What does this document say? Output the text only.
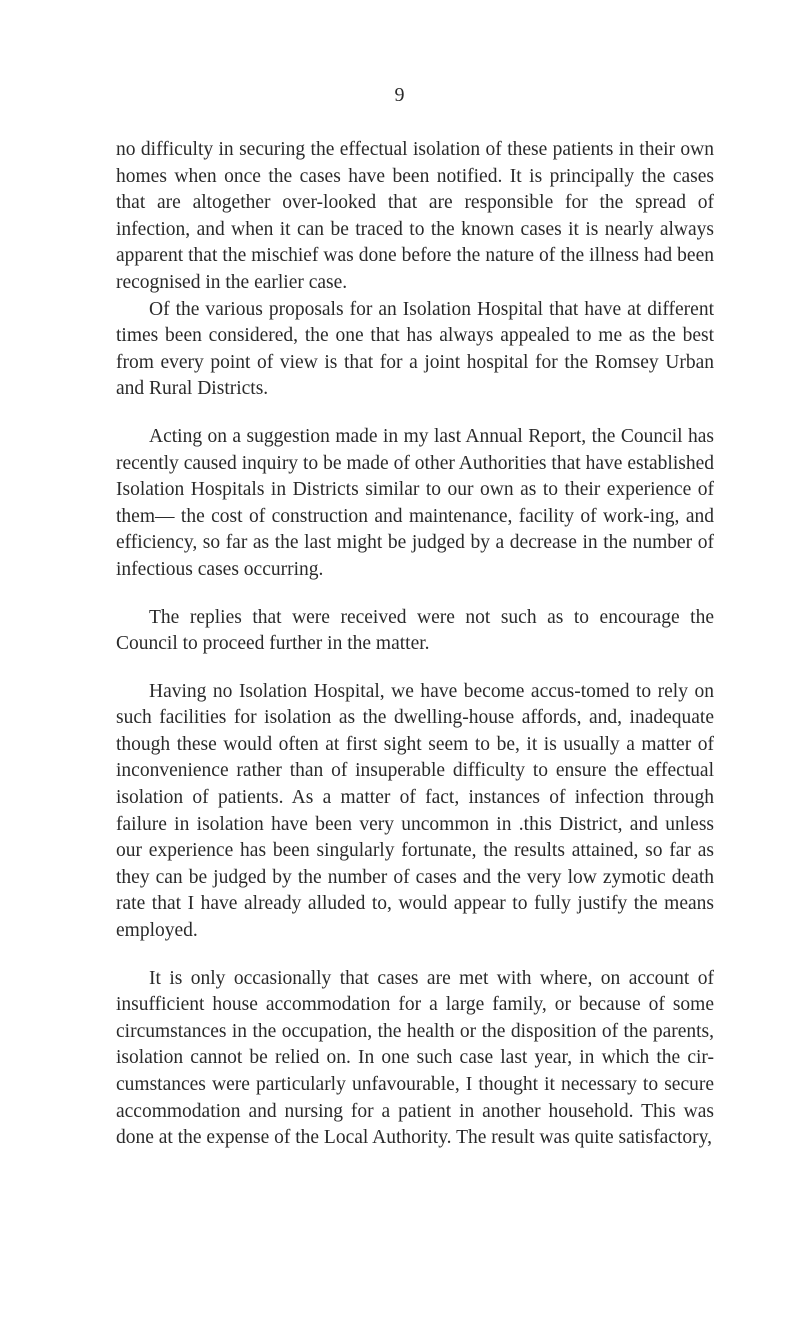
9

no difficulty in securing the effectual isolation of these patients in their own homes when once the cases have been notified. It is principally the cases that are altogether over-looked that are responsible for the spread of infection, and when it can be traced to the known cases it is nearly always apparent that the mischief was done before the nature of the illness had been recognised in the earlier case.

Of the various proposals for an Isolation Hospital that have at different times been considered, the one that has always appealed to me as the best from every point of view is that for a joint hospital for the Romsey Urban and Rural Districts.

Acting on a suggestion made in my last Annual Report, the Council has recently caused inquiry to be made of other Authorities that have established Isolation Hospitals in Districts similar to our own as to their experience of them— the cost of construction and maintenance, facility of work-ing, and efficiency, so far as the last might be judged by a decrease in the number of infectious cases occurring.

The replies that were received were not such as to encourage the Council to proceed further in the matter.

Having no Isolation Hospital, we have become accus-tomed to rely on such facilities for isolation as the dwelling-house affords, and, inadequate though these would often at first sight seem to be, it is usually a matter of inconvenience rather than of insuperable difficulty to ensure the effectual isolation of patients. As a matter of fact, instances of infection through failure in isolation have been very uncommon in .this District, and unless our experience has been singularly fortunate, the results attained, so far as they can be judged by the number of cases and the very low zymotic death rate that I have already alluded to, would appear to fully justify the means employed.

It is only occasionally that cases are met with where, on account of insufficient house accommodation for a large family, or because of some circumstances in the occupation, the health or the disposition of the parents, isolation cannot be relied on. In one such case last year, in which the cir-cumstances were particularly unfavourable, I thought it necessary to secure accommodation and nursing for a patient in another household. This was done at the expense of the Local Authority. The result was quite satisfactory,
